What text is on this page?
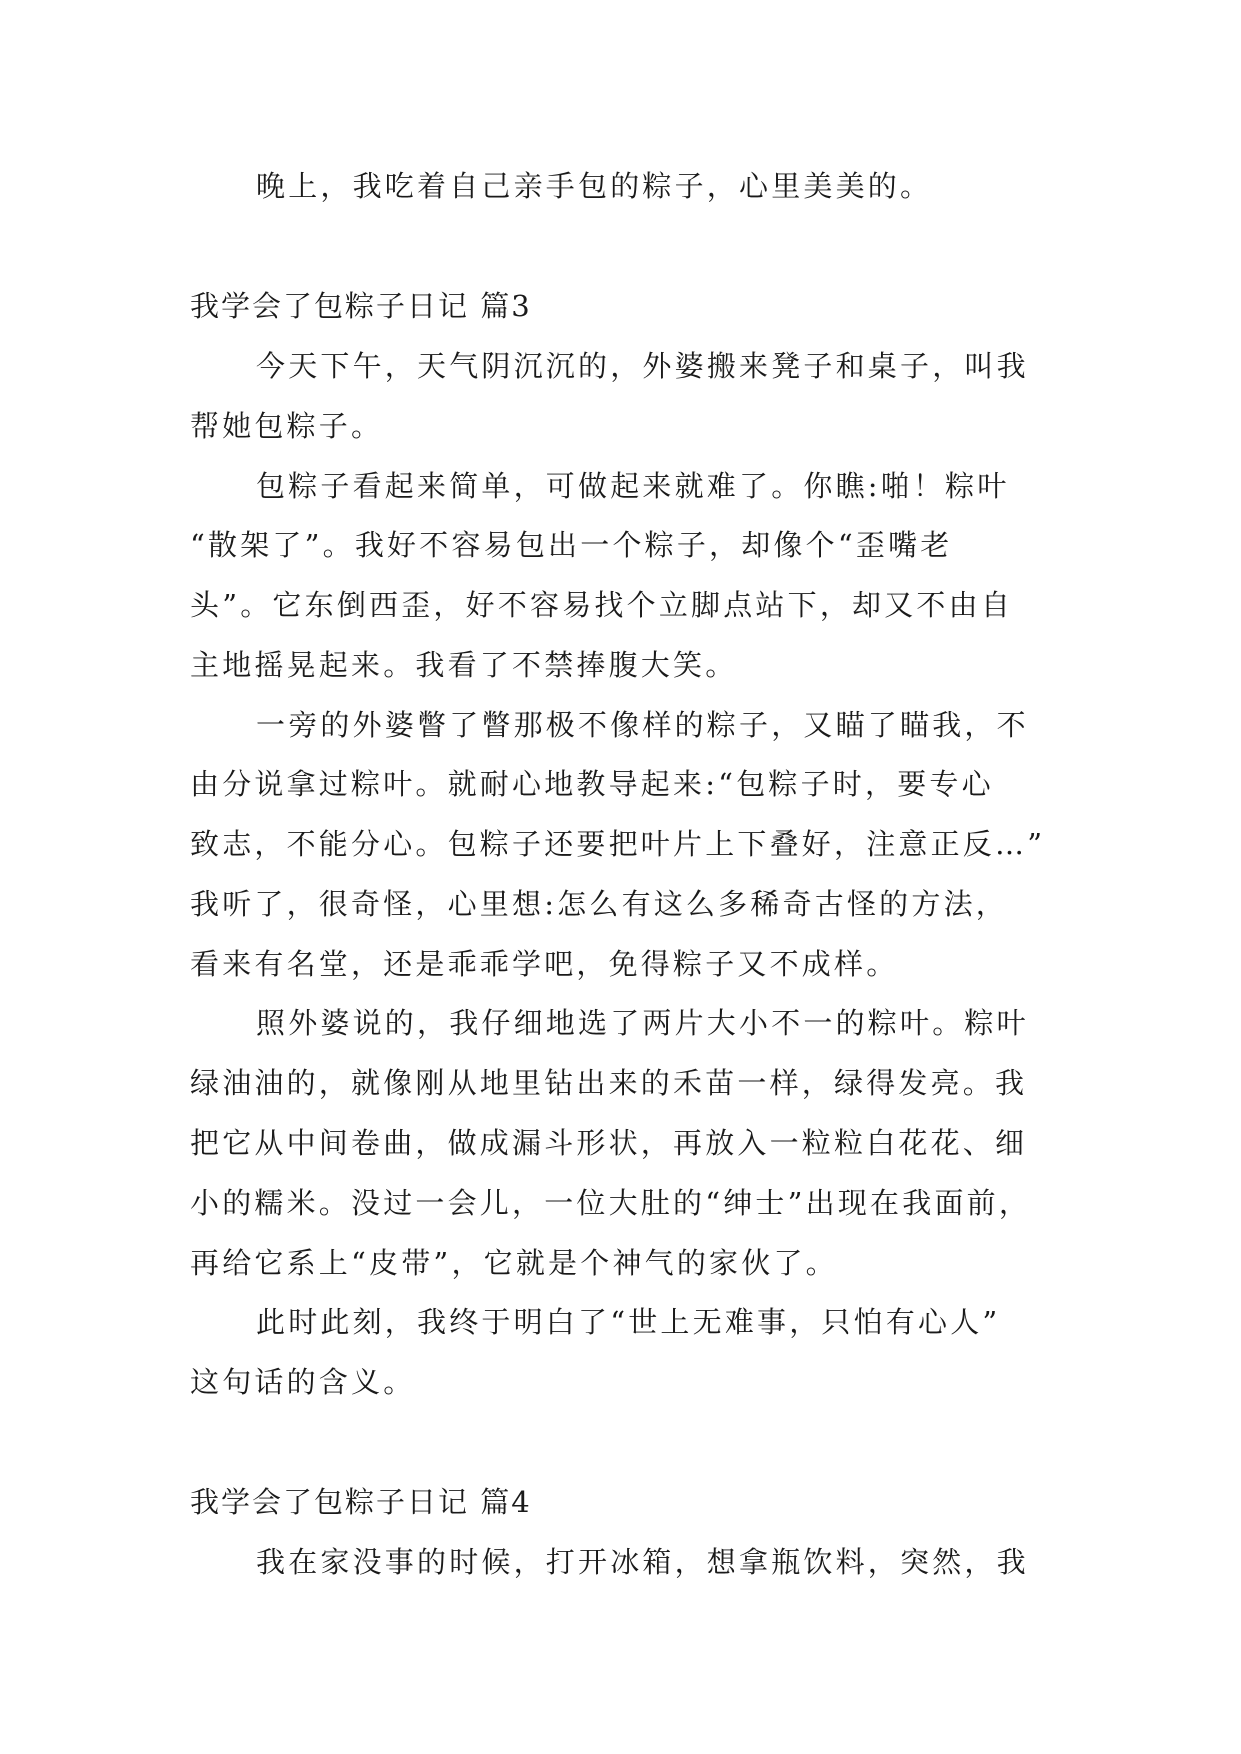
晚上，我吃着自己亲手包的粽子，心里美美的。
我学会了包粽子日记 篇3
今天下午，天气阴沉沉的，外婆搬来凳子和桌子，叫我
帮她包粽子。
包粽子看起来简单，可做起来就难了。你瞧:啪！粽叶
“散架了”。我好不容易包出一个粽子，却像个“歪嘴老
头”。它东倒西歪，好不容易找个立脚点站下，却又不由自
主地摇晃起来。我看了不禁捧腹大笑。
一旁的外婆瞥了瞥那极不像样的粽子，又瞄了瞄我，不
由分说拿过粽叶。就耐心地教导起来:“包粽子时，要专心
致志，不能分心。包粽子还要把叶片上下叠好，注意正反…”
我听了，很奇怪，心里想:怎么有这么多稀奇古怪的方法，
看来有名堂，还是乖乖学吧，免得粽子又不成样。
照外婆说的，我仔细地选了两片大小不一的粽叶。粽叶
绿油油的，就像刚从地里钻出来的禾苗一样，绿得发亮。我
把它从中间卷曲，做成漏斗形状，再放入一粒粒白花花、细
小的糯米。没过一会儿，一位大肚的“绅士”出现在我面前，
再给它系上“皮带”，它就是个神气的家伙了。
此时此刻，我终于明白了“世上无难事，只怕有心人”
这句话的含义。
我学会了包粽子日记 篇4
我在家没事的时候，打开冰箱，想拿瓶饮料，突然，我
